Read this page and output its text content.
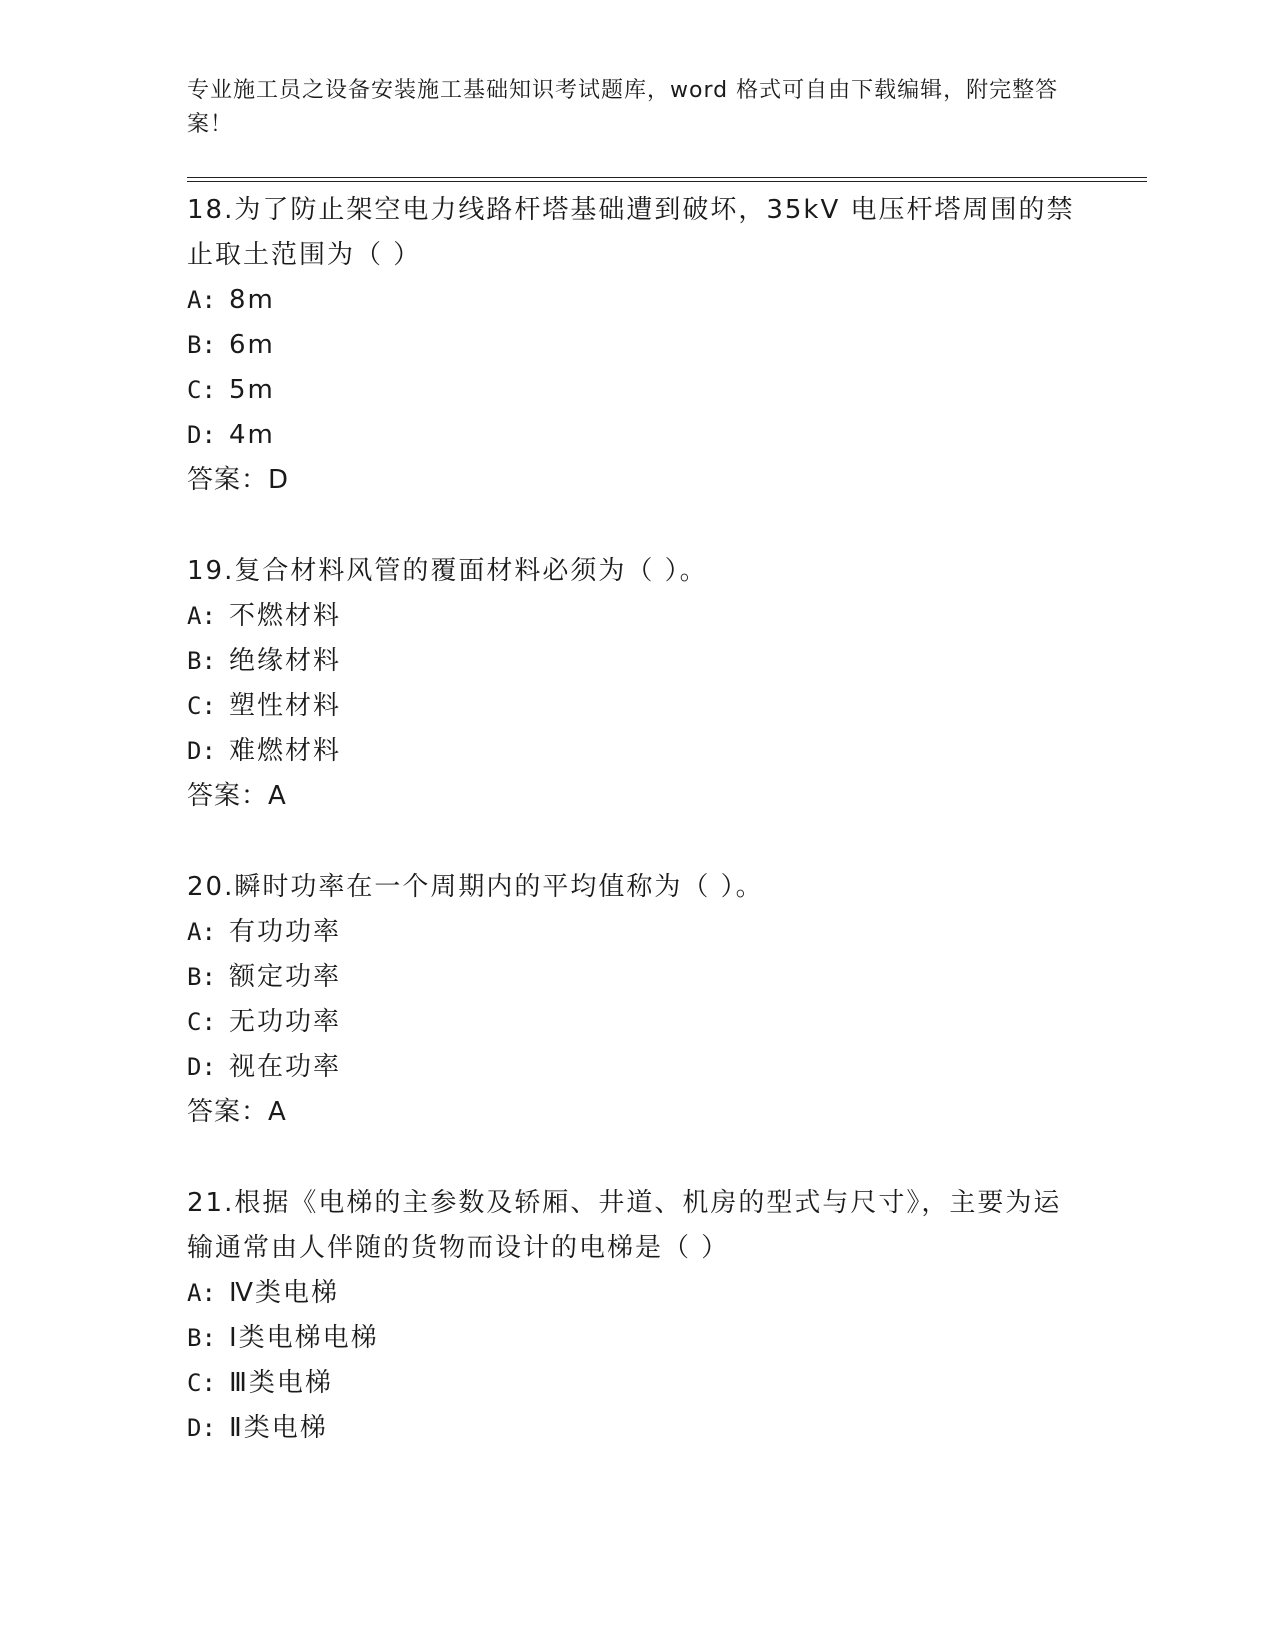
专业施工员之设备安装施工基础知识考试题库，word 格式可自由下载编辑，附完整答案！

18.为了防止架空电力线路杆塔基础遭到破坏，35kV 电压杆塔周围的禁止取土范围为（ ）

A: 8m
B: 6m
C: 5m
D: 4m
答案：D

19.复合材料风管的覆面材料必须为（ ）。

A: 不燃材料
B: 绝缘材料
C: 塑性材料
D: 难燃材料
答案：A

20.瞬时功率在一个周期内的平均值称为（ ）。

A: 有功功率
B: 额定功率
C: 无功功率
D: 视在功率
答案：A

21.根据《电梯的主参数及轿厢、井道、机房的型式与尺寸》，主要为运输通常由人伴随的货物而设计的电梯是（ ）

A: Ⅳ类电梯
B: Ⅰ类电梯电梯
C: Ⅲ类电梯
D: Ⅱ类电梯
